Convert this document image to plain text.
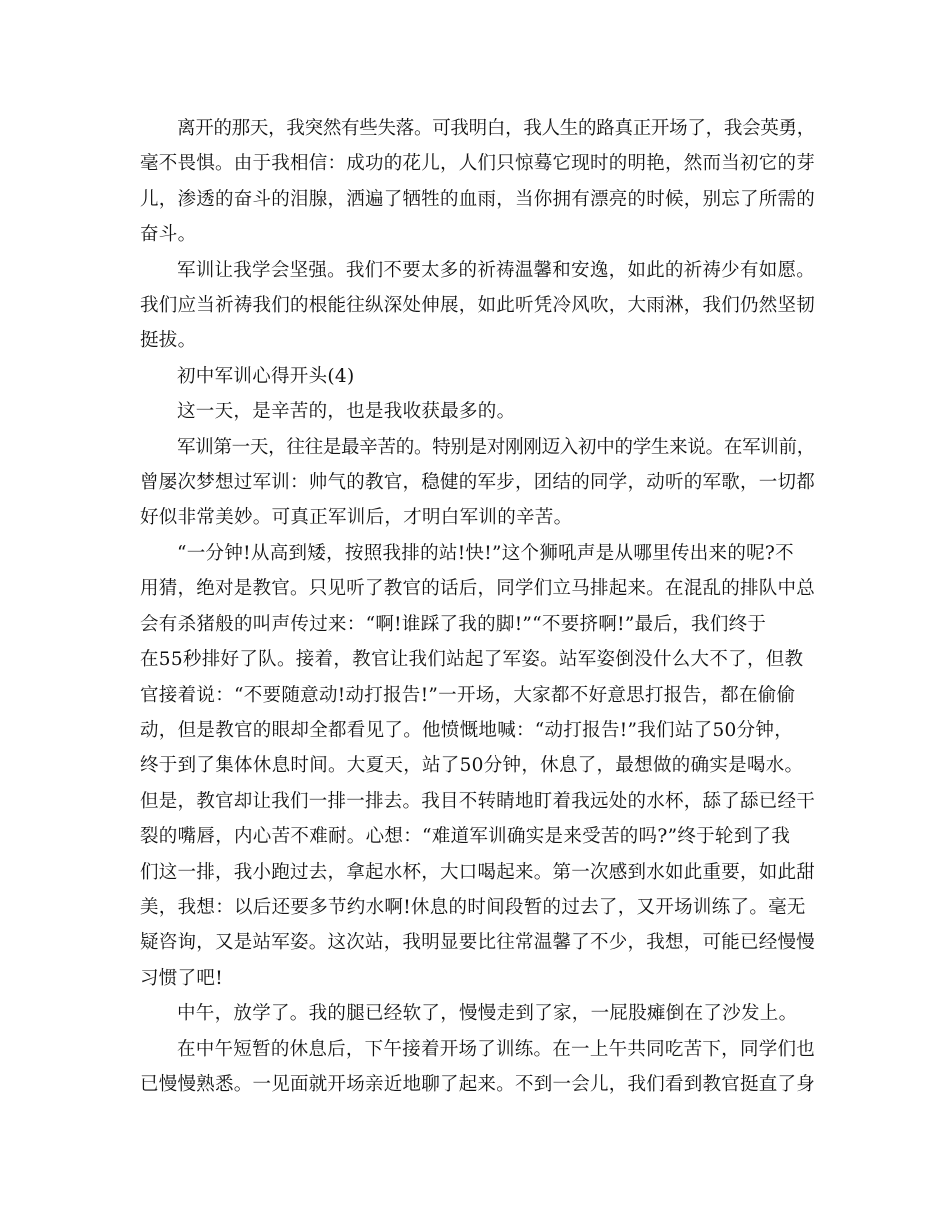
离开的那天，我突然有些失落。可我明白，我人生的路真正开场了，我会英勇，
毫不畏惧。由于我相信：成功的花儿，人们只惊蓦它现时的明艳，然而当初它的芽
儿，渗透的奋斗的泪腺，洒遍了牺牲的血雨，当你拥有漂亮的时候，别忘了所需的
奋斗。
军训让我学会坚强。我们不要太多的祈祷温馨和安逸，如此的祈祷少有如愿。
我们应当祈祷我们的根能往纵深处伸展，如此听凭冷风吹，大雨淋，我们仍然坚韧
挺拔。
初中军训心得开头(4)
这一天，是辛苦的，也是我收获最多的。
军训第一天，往往是最辛苦的。特别是对刚刚迈入初中的学生来说。在军训前，
曾屡次梦想过军训：帅气的教官，稳健的军步，团结的同学，动听的军歌，一切都
好似非常美妙。可真正军训后，才明白军训的辛苦。
“一分钟!从高到矮，按照我排的站!快!”这个狮吼声是从哪里传出来的呢?不
用猜，绝对是教官。只见听了教官的话后，同学们立马排起来。在混乱的排队中总
会有杀猪般的叫声传过来：“啊!谁踩了我的脚!”“不要挤啊!”最后，我们终于
在55秒排好了队。接着，教官让我们站起了军姿。站军姿倒没什么大不了，但教
官接着说：“不要随意动!动打报告!”一开场，大家都不好意思打报告，都在偷偷
动，但是教官的眼却全都看见了。他愤慨地喊：“动打报告!”我们站了50分钟，
终于到了集体休息时间。大夏天，站了50分钟，休息了，最想做的确实是喝水。
但是，教官却让我们一排一排去。我目不转睛地盯着我远处的水杯，舔了舔已经干
裂的嘴唇，内心苦不难耐。心想：“难道军训确实是来受苦的吗?”终于轮到了我
们这一排，我小跑过去，拿起水杯，大口喝起来。第一次感到水如此重要，如此甜
美，我想：以后还要多节约水啊!休息的时间段暂的过去了，又开场训练了。毫无
疑咨询，又是站军姿。这次站，我明显要比往常温馨了不少，我想，可能已经慢慢
习惯了吧!
中午，放学了。我的腿已经软了，慢慢走到了家，一屁股瘫倒在了沙发上。
在中午短暂的休息后，下午接着开场了训练。在一上午共同吃苦下，同学们也
已慢慢熟悉。一见面就开场亲近地聊了起来。不到一会儿，我们看到教官挺直了身
